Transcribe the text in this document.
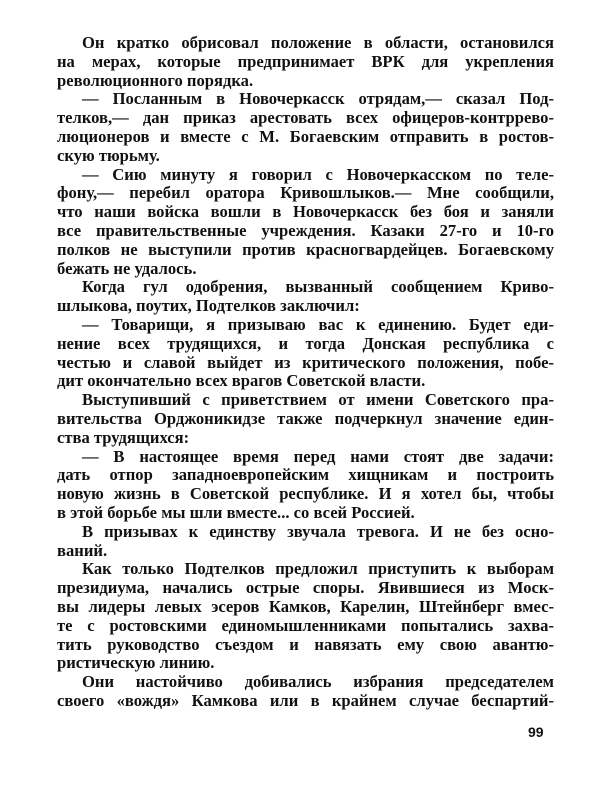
Он кратко обрисовал положение в области, остановился
на мерах, которые предпринимает ВРК для укрепления
революционного порядка.
— Посланным в Новочеркасск отрядам,— сказал Под-
телков,— дан приказ арестовать всех офицеров-контррево-
люционеров и вместе с М. Богаевским отправить в ростов-
скую тюрьму.
— Сию минуту я говорил с Новочеркасском по теле-
фону,— перебил оратора Кривошлыков.— Мне сообщили,
что наши войска вошли в Новочеркасск без боя и заняли
все правительственные учреждения. Казаки 27-го и 10-го
полков не выступили против красногвардейцев. Богаевскому
бежать не удалось.
Когда гул одобрения, вызванный сообщением Криво-
шлыкова, поутих, Подтелков заключил:
— Товарищи, я призываю вас к единению. Будет еди-
нение всех трудящихся, и тогда Донская республика с
честью и славой выйдет из критического положения, побе-
дит окончательно всех врагов Советской власти.
Выступивший с приветствием от имени Советского пра-
вительства Орджоникидзе также подчеркнул значение един-
ства трудящихся:
— В настоящее время перед нами стоят две задачи:
дать отпор западноевропейским хищникам и построить
новую жизнь в Советской республике. И я хотел бы, чтобы
в этой борьбе мы шли вместе... со всей Россией.
В призывах к единству звучала тревога. И не без осно-
ваний.
Как только Подтелков предложил приступить к выборам
президиума, начались острые споры. Явившиеся из Моск-
вы лидеры левых эсеров Камков, Карелин, Штейнберг вмес-
те с ростовскими единомышленниками попытались захва-
тить руководство съездом и навязать ему свою авантю-
ристическую линию.
Они настойчиво добивались избрания председателем
своего «вождя» Камкова или в крайнем случае беспартий-
99
